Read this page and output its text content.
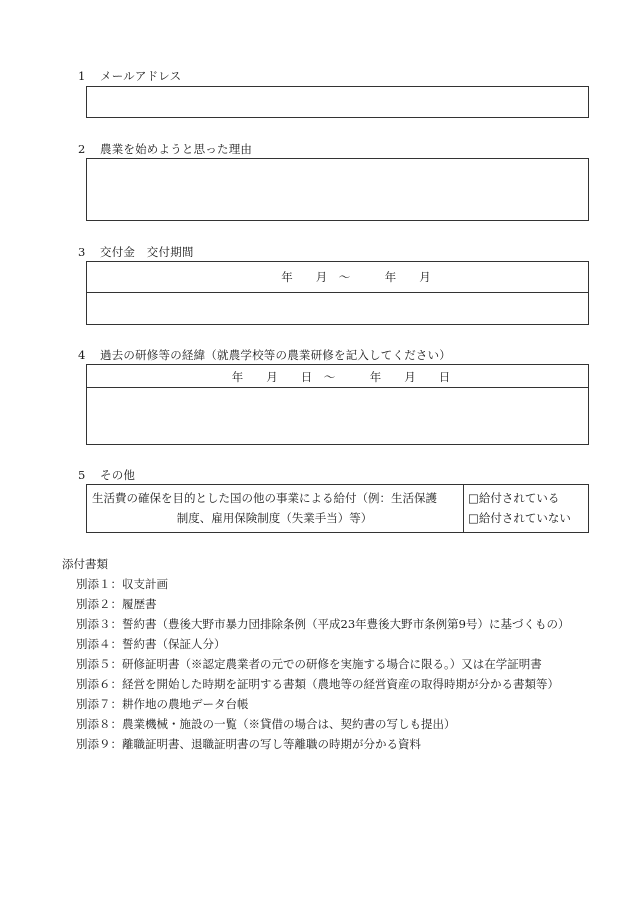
1 メールアドレス
2 農業を始めようと思った理由
3 交付金　交付期間
年　　月　～　　　年　　月
4 過去の研修等の経緯（就農学校等の農業研修を記入してください）
年　　月　　日　～　　　年　　月　　日
5 その他
生活費の確保を目的とした国の他の事業による給付（例：生活保護
制度、雇用保険制度（失業手当）等）
□給付されている
□給付されていない
添付書類
別添１：収支計画
別添２：履歴書
別添３：誓約書（豊後大野市暴力団排除条例（平成23年豊後大野市条例第9号）に基づくもの）
別添４：誓約書（保証人分）
別添５：研修証明書（※認定農業者の元での研修を実施する場合に限る。）又は在学証明書
別添６：経営を開始した時期を証明する書類（農地等の経営資産の取得時期が分かる書類等）
別添７：耕作地の農地データ台帳
別添８：農業機械・施設の一覧（※貸借の場合は、契約書の写しも提出）
別添９：離職証明書、退職証明書の写し等離職の時期が分かる資料
